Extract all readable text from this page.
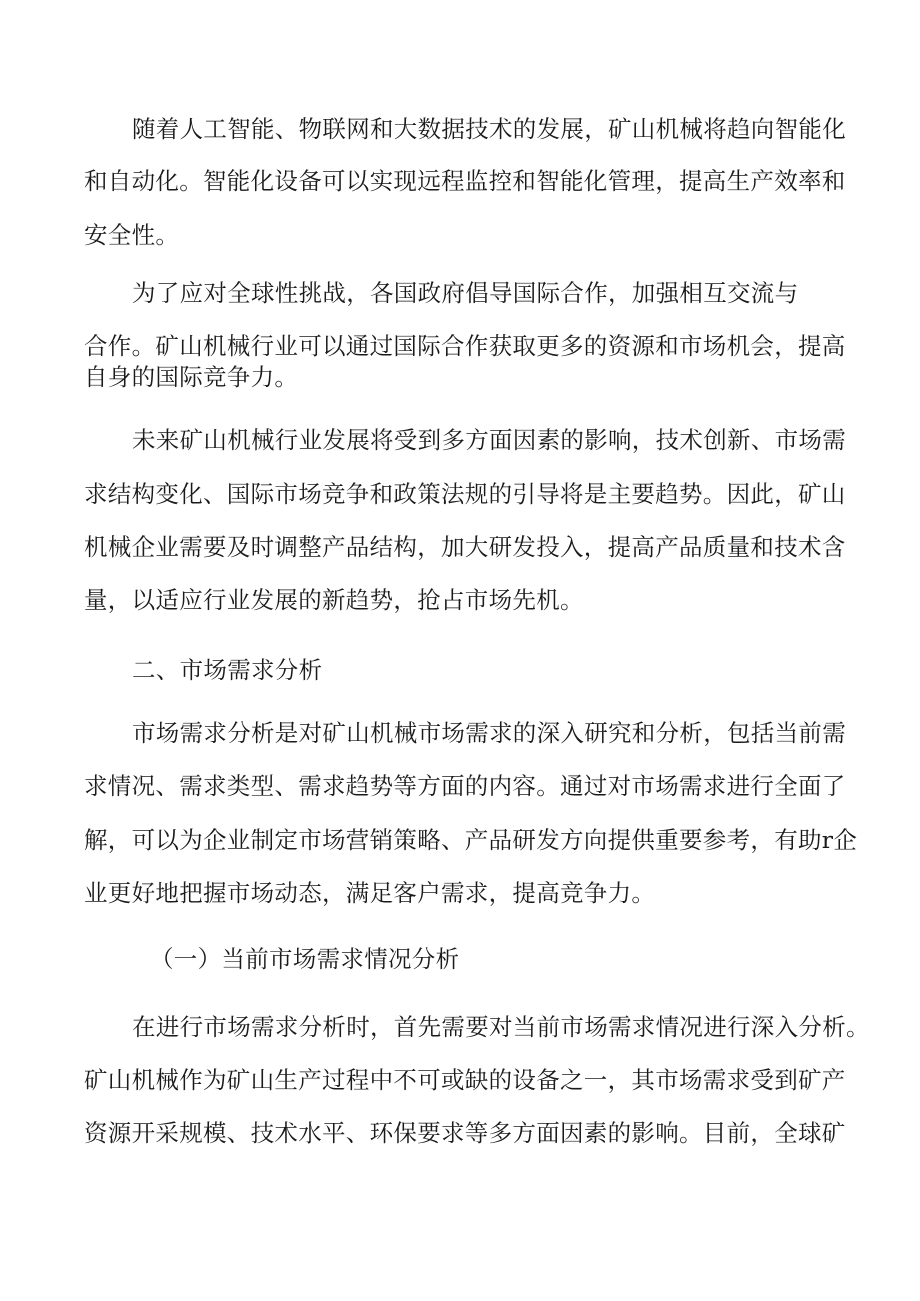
随着人工智能、物联网和大数据技术的发展，矿山机械将趋向智能化
和自动化。智能化设备可以实现远程监控和智能化管理，提高生产效率和
安全性。
为了应对全球性挑战，各国政府倡导国际合作，加强相互交流与
合作。矿山机械行业可以通过国际合作获取更多的资源和市场机会，提高
自身的国际竞争力。
未来矿山机械行业发展将受到多方面因素的影响，技术创新、市场需
求结构变化、国际市场竞争和政策法规的引导将是主要趋势。因此，矿山
机械企业需要及时调整产品结构，加大研发投入，提高产品质量和技术含
量，以适应行业发展的新趋势，抢占市场先机。
二、市场需求分析
市场需求分析是对矿山机械市场需求的深入研究和分析，包括当前需
求情况、需求类型、需求趋势等方面的内容。通过对市场需求进行全面了
解，可以为企业制定市场营销策略、产品研发方向提供重要参考，有助r企
业更好地把握市场动态，满足客户需求，提高竞争力。
（一）当前市场需求情况分析
在进行市场需求分析时，首先需要对当前市场需求情况进行深入分析。
矿山机械作为矿山生产过程中不可或缺的设备之一，其市场需求受到矿产
资源开采规模、技术水平、环保要求等多方面因素的影响。目前，全球矿
